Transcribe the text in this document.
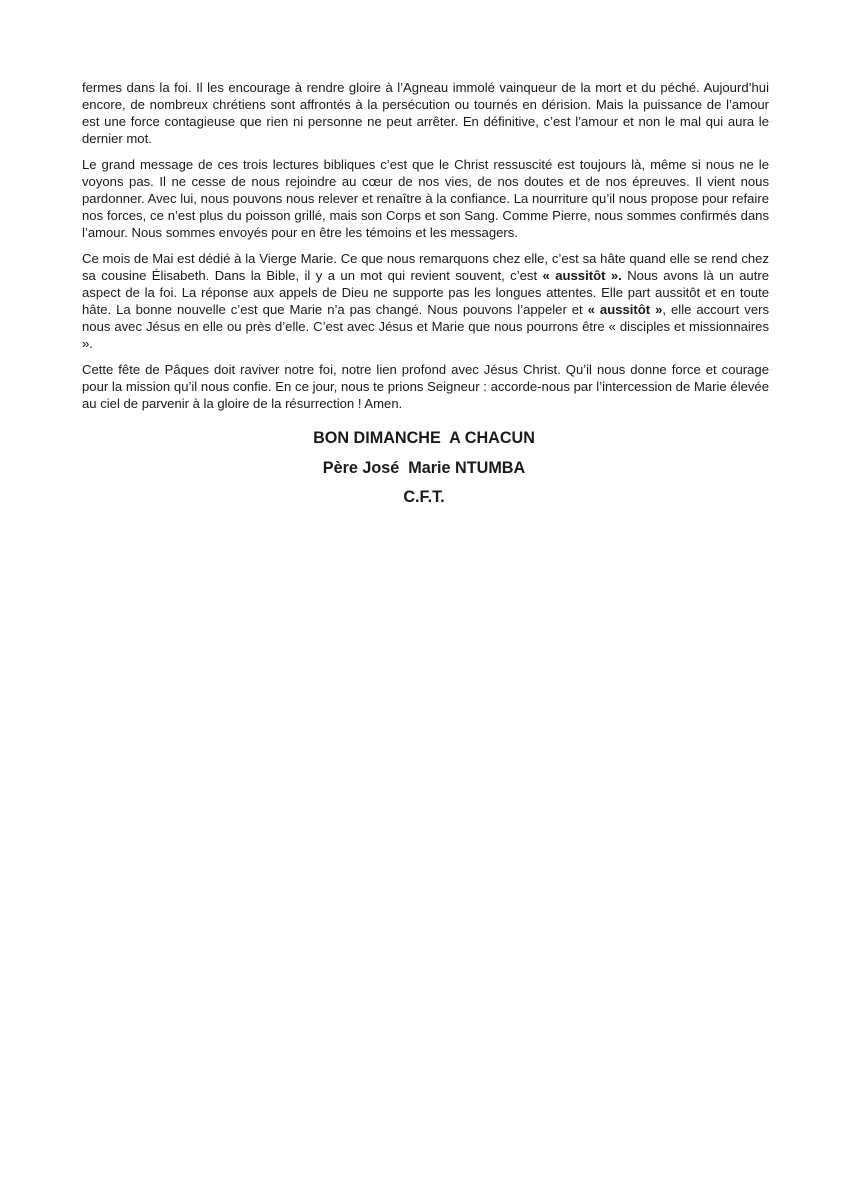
fermes dans la foi. Il les encourage à rendre gloire à l’Agneau immolé vainqueur de la mort et du péché. Aujourd’hui encore, de nombreux chrétiens sont affrontés à la persécution ou tournés en dérision. Mais la puissance de l’amour est une force contagieuse que rien ni personne ne peut arrêter. En définitive, c’est l’amour et non le mal qui aura le dernier mot.

Le grand message de ces trois lectures bibliques c’est que le Christ ressuscité est toujours là, même si nous ne le voyons pas. Il ne cesse de nous rejoindre au cœur de nos vies, de nos doutes et de nos épreuves. Il vient nous pardonner. Avec lui, nous pouvons nous relever et renaître à la confiance. La nourriture qu’il nous propose pour refaire nos forces, ce n’est plus du poisson grillé, mais son Corps et son Sang. Comme Pierre, nous sommes confirmés dans l’amour. Nous sommes envoyés pour en être les témoins et les messagers.

Ce mois de Mai est dédié à la Vierge Marie. Ce que nous remarquons chez elle, c’est sa hâte quand elle se rend chez sa cousine Élisabeth. Dans la Bible, il y a un mot qui revient souvent, c’est « aussitôt ». Nous avons là un autre aspect de la foi. La réponse aux appels de Dieu ne supporte pas les longues attentes. Elle part aussitôt et en toute hâte. La bonne nouvelle c’est que Marie n’a pas changé. Nous pouvons l’appeler et « aussitôt », elle accourt vers nous avec Jésus en elle ou près d’elle. C’est avec Jésus et Marie que nous pourrons être « disciples et missionnaires ».

Cette fête de Pâques doit raviver notre foi, notre lien profond avec Jésus Christ. Qu’il nous donne force et courage pour la mission qu’il nous confie. En ce jour, nous te prions Seigneur : accorde-nous par l’intercession de Marie élevée au ciel de parvenir à la gloire de la résurrection ! Amen.

BON DIMANCHE  A CHACUN
Père José  Marie NTUMBA
C.F.T.
